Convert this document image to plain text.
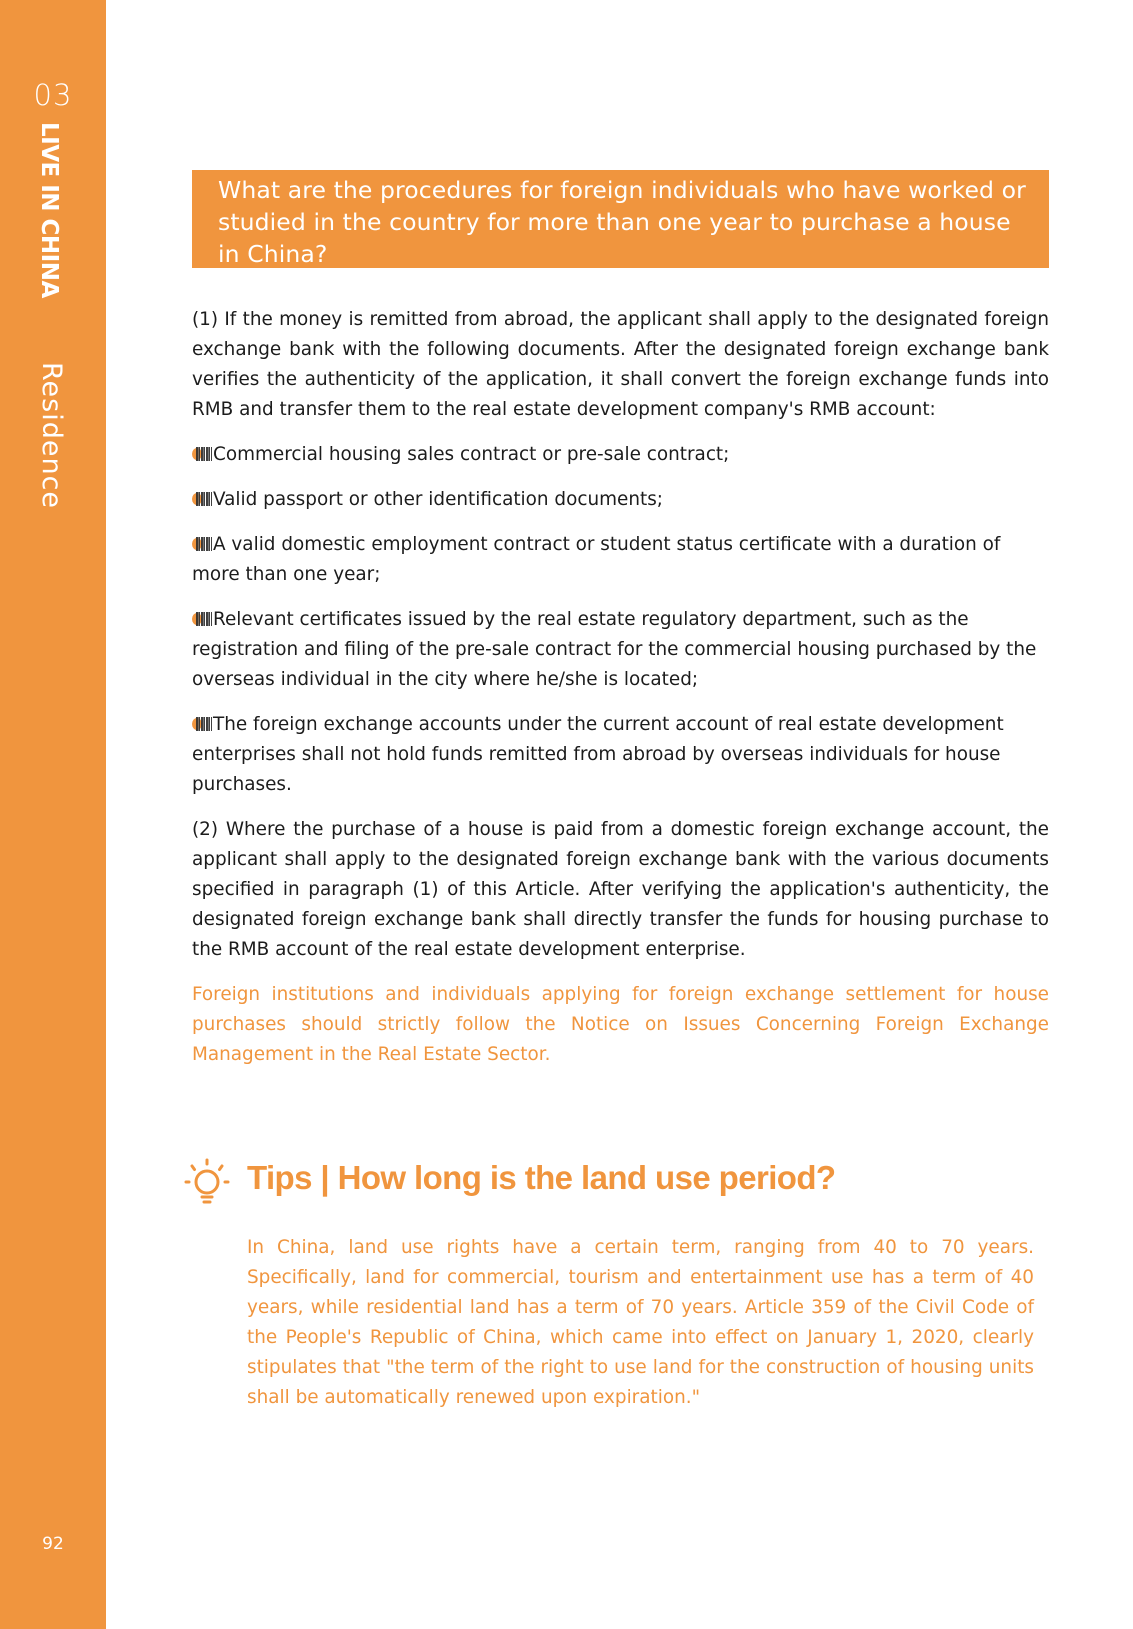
03
LIVE IN CHINA
Residence
92
What are the procedures for foreign individuals who have worked or studied in the country for more than one year to purchase a house in China?

(1) If the money is remitted from abroad, the applicant shall apply to the designated foreign exchange bank with the following documents. After the designated foreign exchange bank verifies the authenticity of the application, it shall convert the foreign exchange funds into RMB and transfer them to the real estate development company's RMB account:

Commercial housing sales contract or pre-sale contract;

Valid passport or other identification documents;

A valid domestic employment contract or student status certificate with a duration of more than one year;

Relevant certificates issued by the real estate regulatory department, such as the registration and filing of the pre-sale contract for the commercial housing purchased by the overseas individual in the city where he/she is located;

The foreign exchange accounts under the current account of real estate development enterprises shall not hold funds remitted from abroad by overseas individuals for house purchases.

(2) Where the purchase of a house is paid from a domestic foreign exchange account, the applicant shall apply to the designated foreign exchange bank with the various documents specified in paragraph (1) of this Article. After verifying the application's authenticity, the designated foreign exchange bank shall directly transfer the funds for housing purchase to the RMB account of the real estate development enterprise.

Foreign institutions and individuals applying for foreign exchange settlement for house purchases should strictly follow the Notice on Issues Concerning Foreign Exchange Management in the Real Estate Sector.

Tips | How long is the land use period?

In China, land use rights have a certain term, ranging from 40 to 70 years. Specifically, land for commercial, tourism and entertainment use has a term of 40 years, while residential land has a term of 70 years. Article 359 of the Civil Code of the People's Republic of China, which came into effect on January 1, 2020, clearly stipulates that "the term of the right to use land for the construction of housing units shall be automatically renewed upon expiration."
